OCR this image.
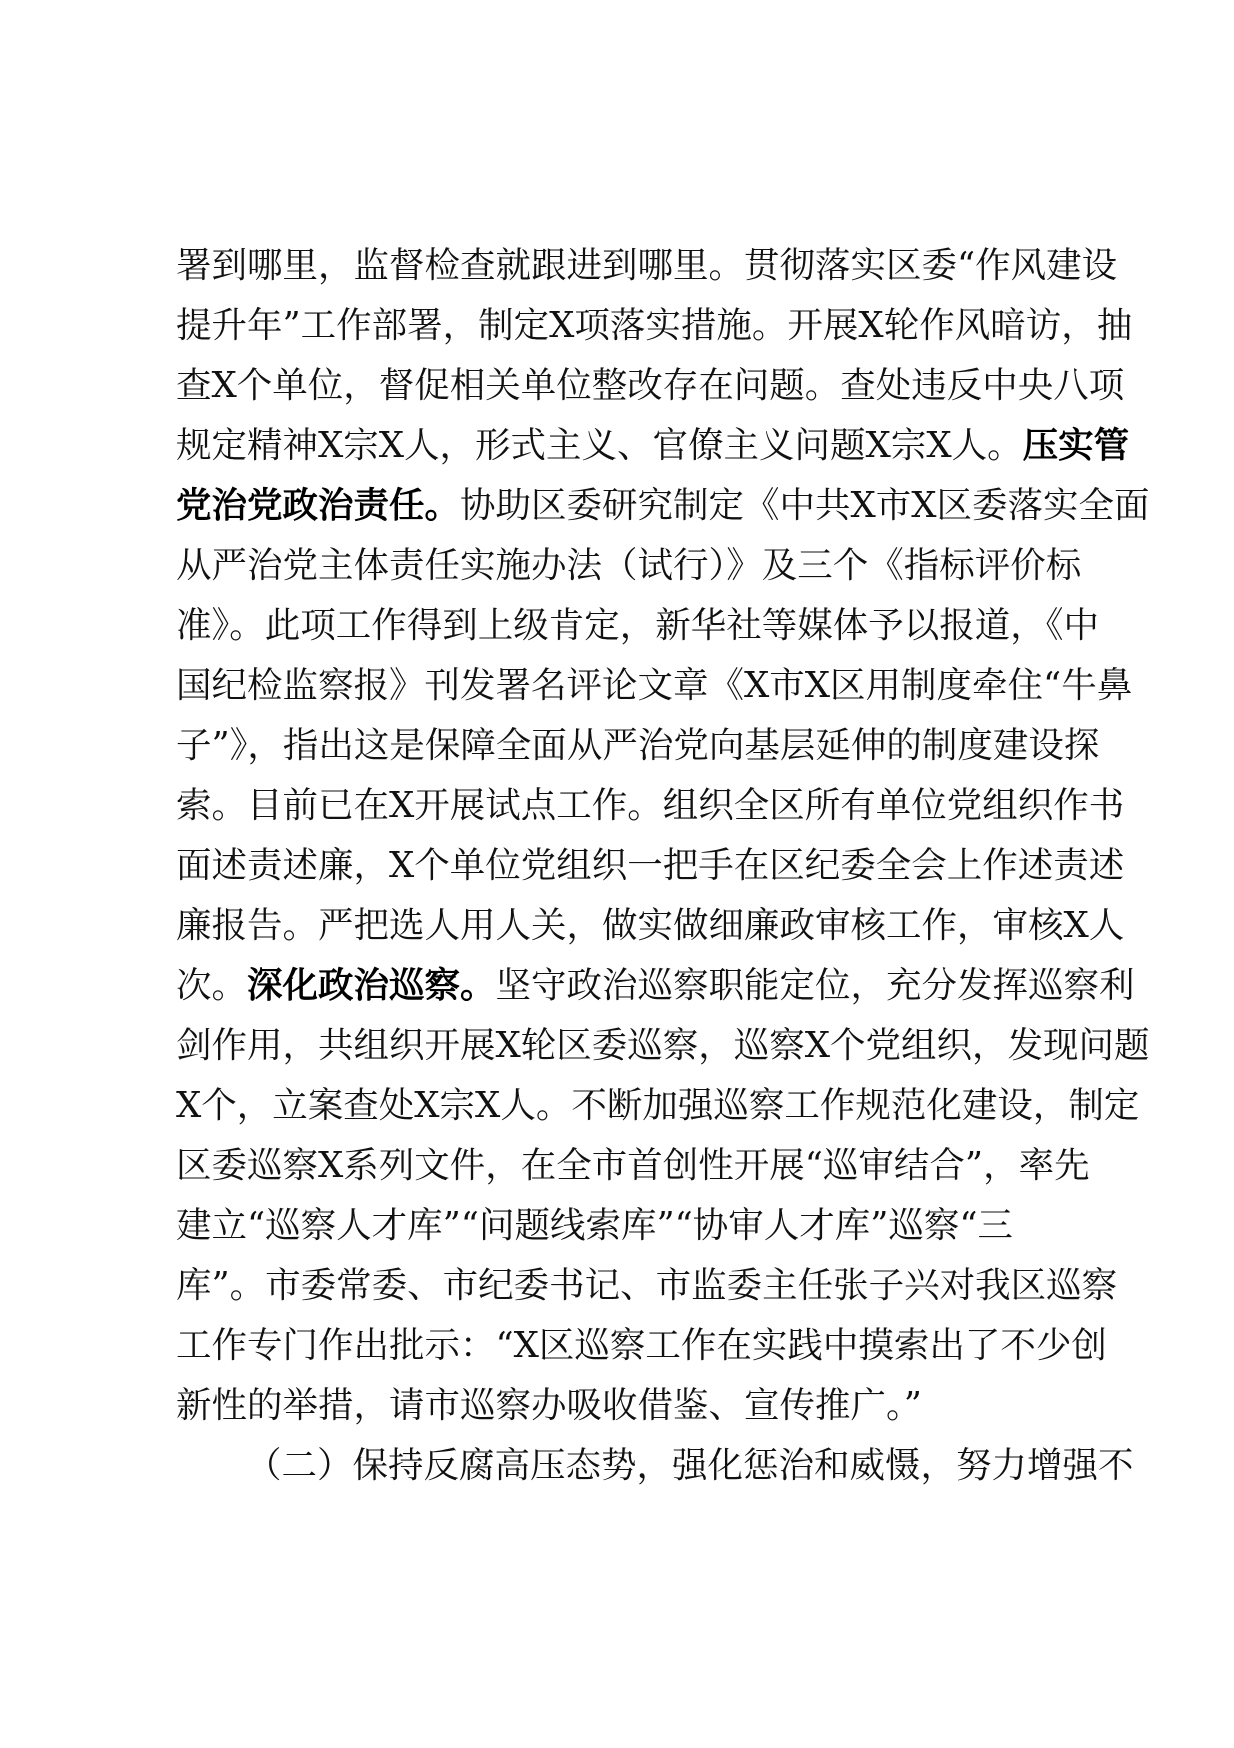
署到哪里，监督检查就跟进到哪里。贯彻落实区委“作风建设
提升年”工作部署，制定X项落实措施。开展X轮作风暗访，抽
查X个单位，督促相关单位整改存在问题。查处违反中央八项
规定精神X宗X人，形式主义、官僚主义问题X宗X人。压实管
党治党政治责任。协助区委研究制定《中共X市X区委落实全面
从严治党主体责任实施办法（试行）》及三个《指标评价标
准》。此项工作得到上级肯定，新华社等媒体予以报道，《中
国纪检监察报》刊发署名评论文章《X市X区用制度牵住“牛鼻
子”》，指出这是保障全面从严治党向基层延伸的制度建设探
索。目前已在X开展试点工作。组织全区所有单位党组织作书
面述责述廉，X个单位党组织一把手在区纪委全会上作述责述
廉报告。严把选人用人关，做实做细廉政审核工作，审核X人
次。深化政治巡察。坚守政治巡察职能定位，充分发挥巡察利
剑作用，共组织开展X轮区委巡察，巡察X个党组织，发现问题
X个，立案查处X宗X人。不断加强巡察工作规范化建设，制定
区委巡察X系列文件，在全市首创性开展“巡审结合”，率先
建立“巡察人才库”“问题线索库”“协审人才库”巡察“三
库”。市委常委、市纪委书记、市监委主任张子兴对我区巡察
工作专门作出批示：“X区巡察工作在实践中摸索出了不少创
新性的举措，请市巡察办吸收借鉴、宣传推广。”
（二）保持反腐高压态势，强化惩治和威慑，努力增强不
